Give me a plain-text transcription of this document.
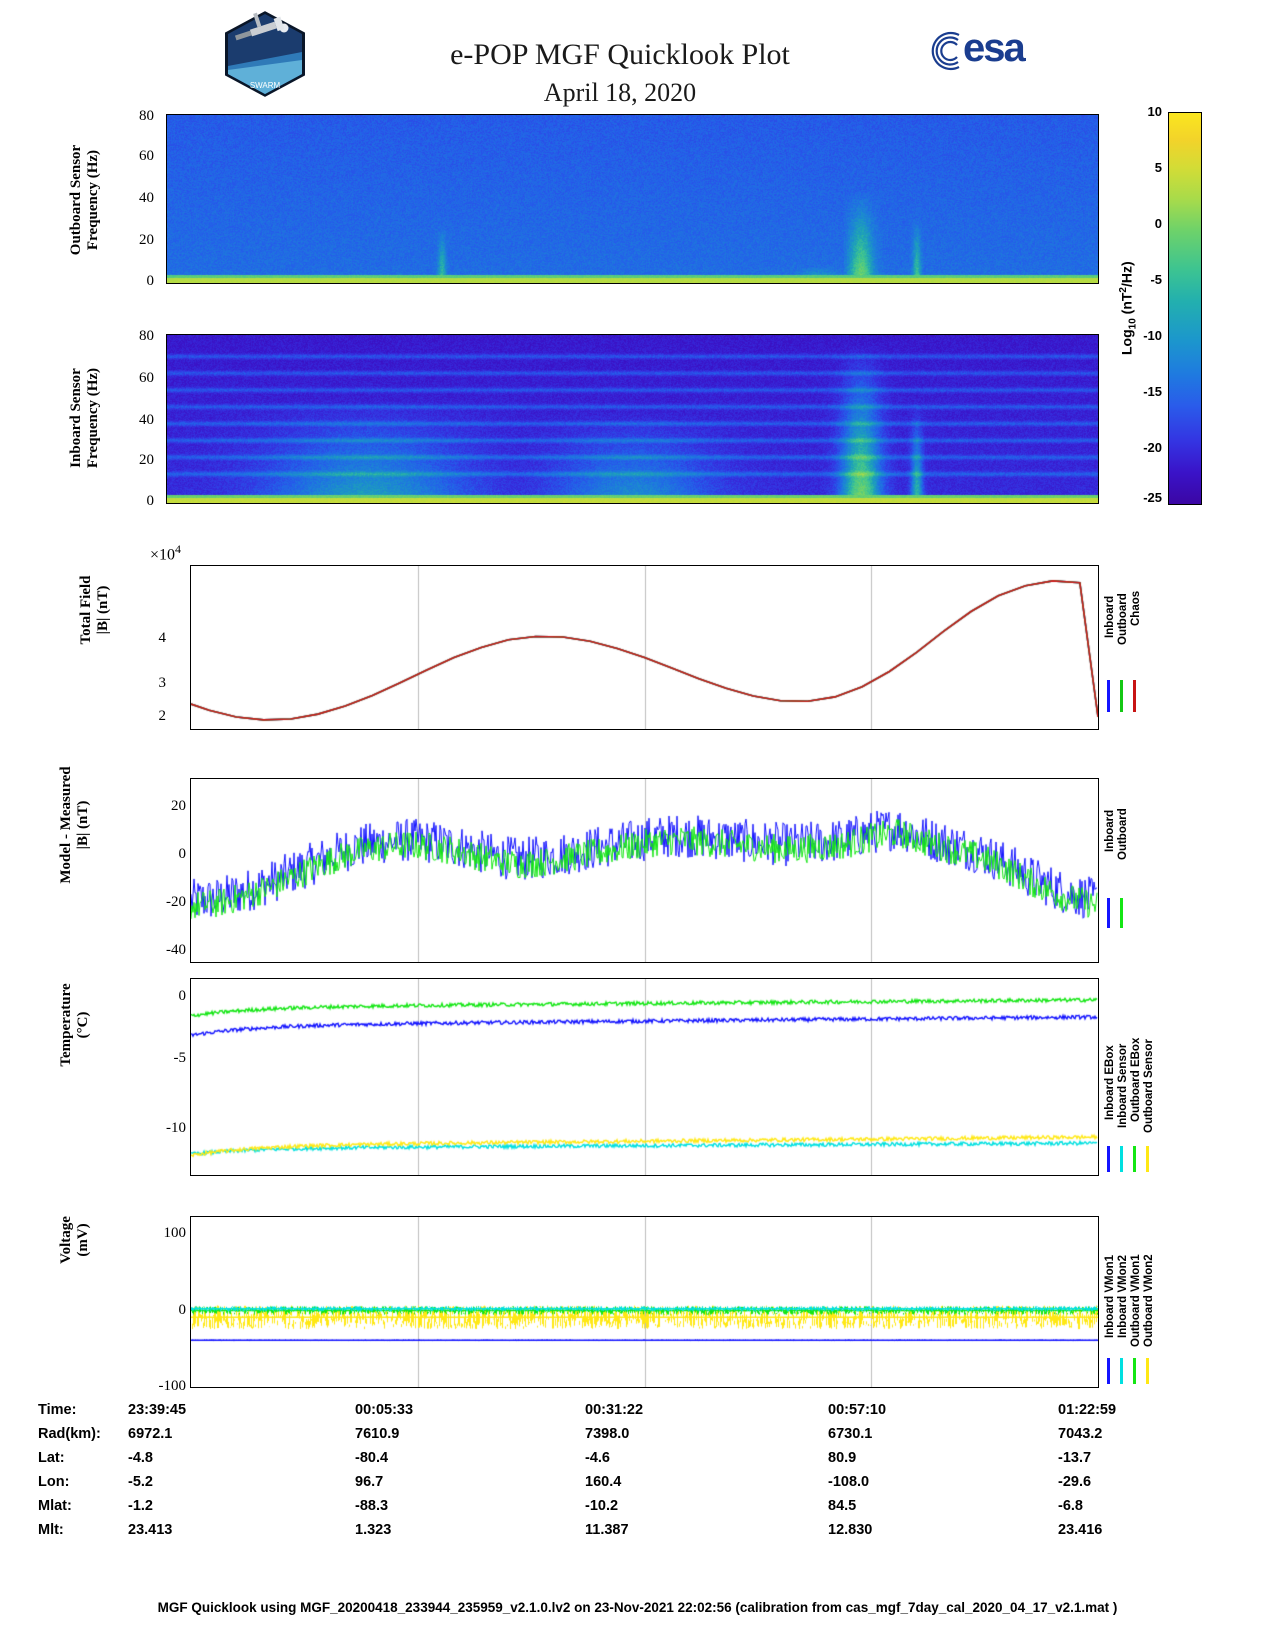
SWARM
e-POP MGF Quicklook Plot
April 18, 2020
esa
10
5
0
-5
-10
-15
-20
-25
Log$_{10}$ $(nT^2/Hz)$
Outboard Sensor
Frequency (Hz)
80
60
40
20
0
Inboard Sensor
Frequency (Hz)
80
60
40
20
0
Total Field
|B| (nT)
$\times 10^4$
4
3
2
Inboard Outboard Chaos
Model - Measured
|B| (nT)	20
0
-20
-40
Inboard Outboard
Temperature
(°C)
0
-5
-10
Inboard EBox Inboard Sensor Outboard EBox Outboard Sensor
Voltage
(mV)	100
0
-100
Inboard VMon1 Inboard VMon2 Outboard VMon1 Outboard VMon2
Time:	23:39:45	00:05:33	00:31:22	00:57:10	01:22:59
Rad(km):	6972.1	7610.9	7398.0	6730.1	7043.2
Lat:	-4.8	-80.4	-4.6	80.9	-13.7
Lon:	-5.2	96.7	160.4	-108.0	-29.6
Mlat:	-1.2	-88.3	-10.2	84.5	-6.8
Mlt:	23.413	1.323	11.387	12.830	23.416
MGF Quicklook using MGF_20200418_233944_235959_v2.1.0.lv2 on 23-Nov-2021 22:02:56 (calibration from cas_mgf_7day_cal_2020_04_17_v2.1.mat )
